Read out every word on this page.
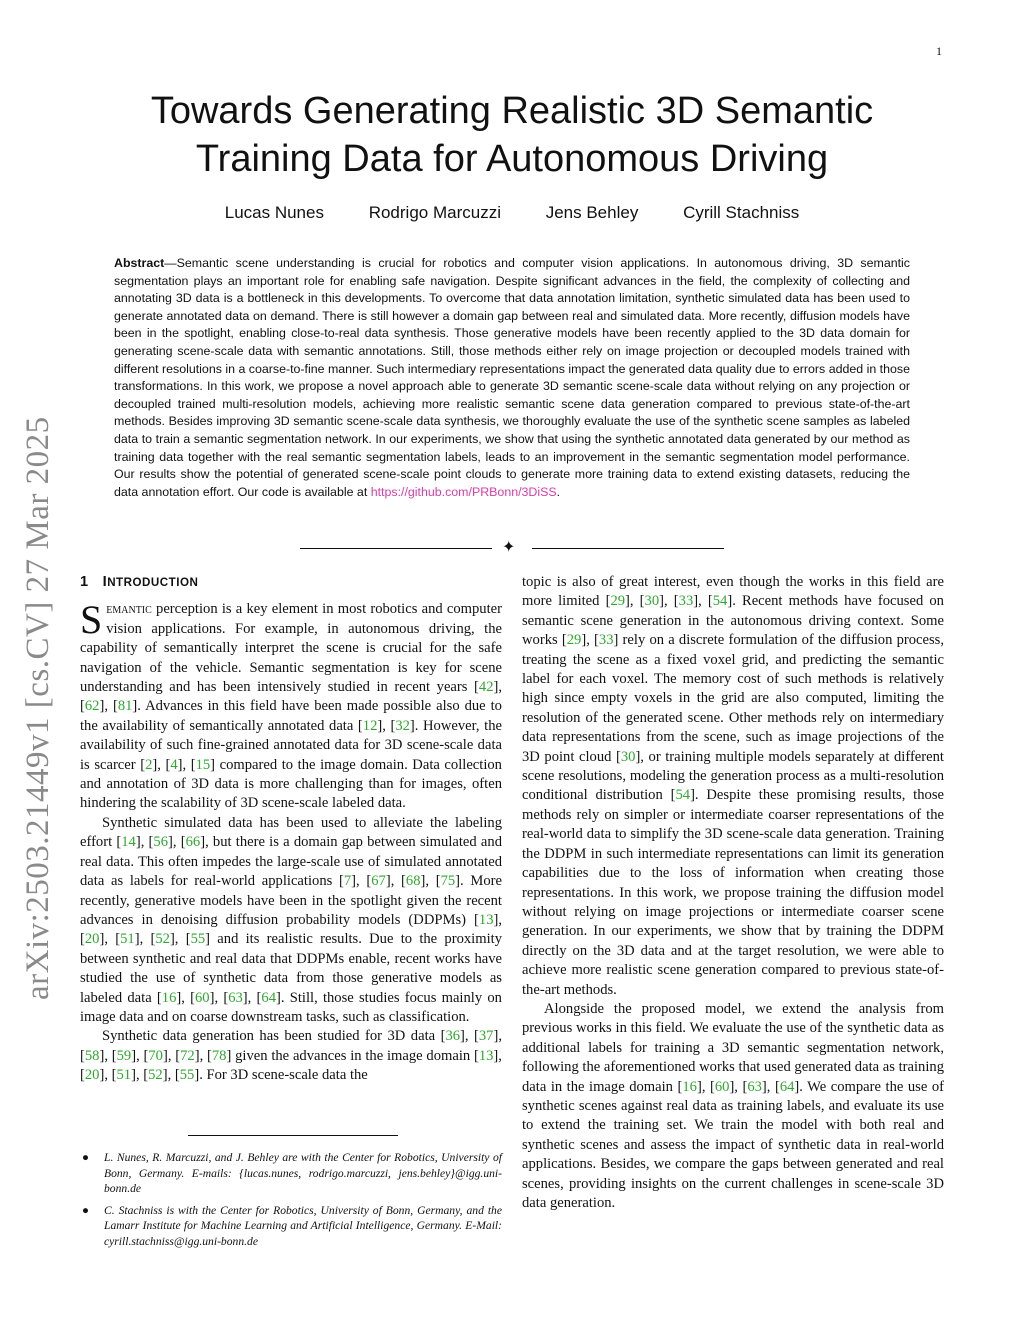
1
arXiv:2503.21449v1 [cs.CV] 27 Mar 2025
Towards Generating Realistic 3D Semantic
Training Data for Autonomous Driving
Lucas Nunes	Rodrigo Marcuzzi	Jens Behley	Cyrill Stachniss
Abstract—Semantic scene understanding is crucial for robotics and computer vision applications. In autonomous driving, 3D semantic segmentation plays an important role for enabling safe navigation. Despite significant advances in the field, the complexity of collecting and annotating 3D data is a bottleneck in this developments. To overcome that data annotation limitation, synthetic simulated data has been used to generate annotated data on demand. There is still however a domain gap between real and simulated data. More recently, diffusion models have been in the spotlight, enabling close-to-real data synthesis. Those generative models have been recently applied to the 3D data domain for generating scene-scale data with semantic annotations. Still, those methods either rely on image projection or decoupled models trained with different resolutions in a coarse-to-fine manner. Such intermediary representations impact the generated data quality due to errors added in those transformations. In this work, we propose a novel approach able to generate 3D semantic scene-scale data without relying on any projection or decoupled trained multi-resolution models, achieving more realistic semantic scene data generation compared to previous state-of-the-art methods. Besides improving 3D semantic scene-scale data synthesis, we thoroughly evaluate the use of the synthetic scene samples as labeled data to train a semantic segmentation network. In our experiments, we show that using the synthetic annotated data generated by our method as training data together with the real semantic segmentation labels, leads to an improvement in the semantic segmentation model performance. Our results show the potential of generated scene-scale point clouds to generate more training data to extend existing datasets, reducing the data annotation effort. Our code is available at https://github.com/PRBonn/3DiSS.
✦
1 INTRODUCTION

Semantic perception is a key element in most robotics and computer vision applications. For example, in autonomous driving, the capability of semantically interpret the scene is crucial for the safe navigation of the vehicle. Semantic segmentation is key for scene understanding and has been intensively studied in recent years [42], [62], [81]. Advances in this field have been made possible also due to the availability of semantically annotated data [12], [32]. However, the availability of such fine-grained annotated data for 3D scene-scale data is scarcer [2], [4], [15] compared to the image domain. Data collection and annotation of 3D data is more challenging than for images, often hindering the scalability of 3D scene-scale labeled data.

Synthetic simulated data has been used to alleviate the labeling effort [14], [56], [66], but there is a domain gap between simulated and real data. This often impedes the large-scale use of simulated annotated data as labels for real-world applications [7], [67], [68], [75]. More recently, generative models have been in the spotlight given the recent advances in denoising diffusion probability models (DDPMs) [13], [20], [51], [52], [55] and its realistic results. Due to the proximity between synthetic and real data that DDPMs enable, recent works have studied the use of synthetic data from those generative models as labeled data [16], [60], [63], [64]. Still, those studies focus mainly on image data and on coarse downstream tasks, such as classification.

Synthetic data generation has been studied for 3D data [36], [37], [58], [59], [70], [72], [78] given the advances in the image domain [13], [20], [51], [52], [55]. For 3D scene-scale data the

● L. Nunes, R. Marcuzzi, and J. Behley are with the Center for Robotics, University of Bonn, Germany. E-mails: {lucas.nunes, rodrigo.marcuzzi, jens.behley}@igg.uni-bonn.de
● C. Stachniss is with the Center for Robotics, University of Bonn, Germany, and the Lamarr Institute for Machine Learning and Artificial Intelligence, Germany. E-Mail: cyrill.stachniss@igg.uni-bonn.de

topic is also of great interest, even though the works in this field are more limited [29], [30], [33], [54]. Recent methods have focused on semantic scene generation in the autonomous driving context. Some works [29], [33] rely on a discrete formulation of the diffusion process, treating the scene as a fixed voxel grid, and predicting the semantic label for each voxel. The memory cost of such methods is relatively high since empty voxels in the grid are also computed, limiting the resolution of the generated scene. Other methods rely on intermediary data representations from the scene, such as image projections of the 3D point cloud [30], or training multiple models separately at different scene resolutions, modeling the generation process as a multi-resolution conditional distribution [54]. Despite these promising results, those methods rely on simpler or intermediate coarser representations of the real-world data to simplify the 3D scene-scale data generation. Training the DDPM in such intermediate representations can limit its generation capabilities due to the loss of information when creating those representations. In this work, we propose training the diffusion model without relying on image projections or intermediate coarser scene generation. In our experiments, we show that by training the DDPM directly on the 3D data and at the target resolution, we were able to achieve more realistic scene generation compared to previous state-of-the-art methods.

Alongside the proposed model, we extend the analysis from previous works in this field. We evaluate the use of the synthetic data as additional labels for training a 3D semantic segmentation network, following the aforementioned works that used generated data as training data in the image domain [16], [60], [63], [64]. We compare the use of synthetic scenes against real data as training labels, and evaluate its use to extend the training set. We train the model with both real and synthetic scenes and assess the impact of synthetic data in real-world applications. Besides, we compare the gaps between generated and real scenes, providing insights on the current challenges in scene-scale 3D data generation.
